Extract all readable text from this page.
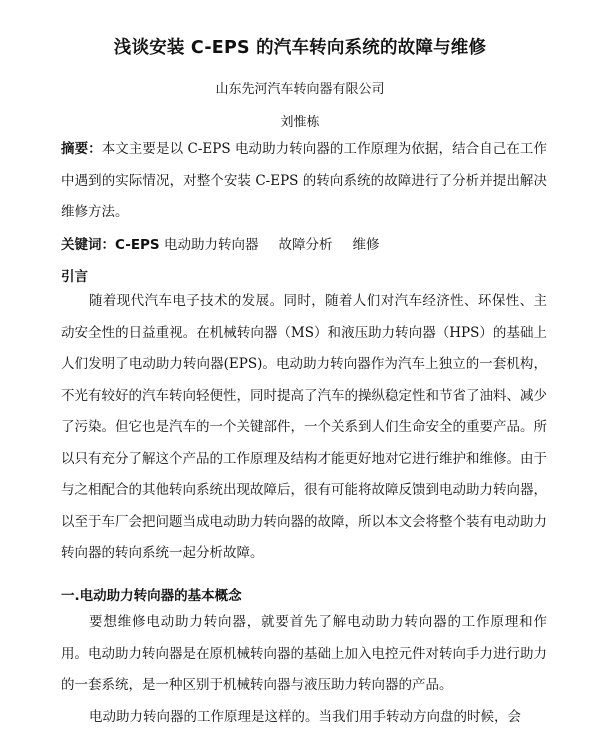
浅谈安装 C-EPS 的汽车转向系统的故障与维修
山东先河汽车转向器有限公司
刘惟栋
摘要：本文主要是以 C-EPS 电动助力转向器的工作原理为依据，结合自己在工作中遇到的实际情况，对整个安装 C-EPS 的转向系统的故障进行了分析并提出解决维修方法。
关键词：C-EPS 电动助力转向器 故障分析 维修
引言
随着现代汽车电子技术的发展。同时，随着人们对汽车经济性、环保性、主动安全性的日益重视。在机械转向器（MS）和液压助力转向器（HPS）的基础上人们发明了电动助力转向器(EPS)。电动助力转向器作为汽车上独立的一套机构，不光有较好的汽车转向轻便性，同时提高了汽车的操纵稳定性和节省了油料、减少了污染。但它也是汽车的一个关键部件，一个关系到人们生命安全的重要产品。所以只有充分了解这个产品的工作原理及结构才能更好地对它进行维护和维修。由于与之相配合的其他转向系统出现故障后，很有可能将故障反馈到电动助力转向器，以至于车厂会把问题当成电动助力转向器的故障，所以本文会将整个装有电动助力转向器的转向系统一起分析故障。
一.电动助力转向器的基本概念
要想维修电动助力转向器，就要首先了解电动助力转向器的工作原理和作用。电动助力转向器是在原机械转向器的基础上加入电控元件对转向手力进行助力的一套系统，是一种区别于机械转向器与液压助力转向器的产品。
电动助力转向器的工作原理是这样的。当我们用手转动方向盘的时候，会
